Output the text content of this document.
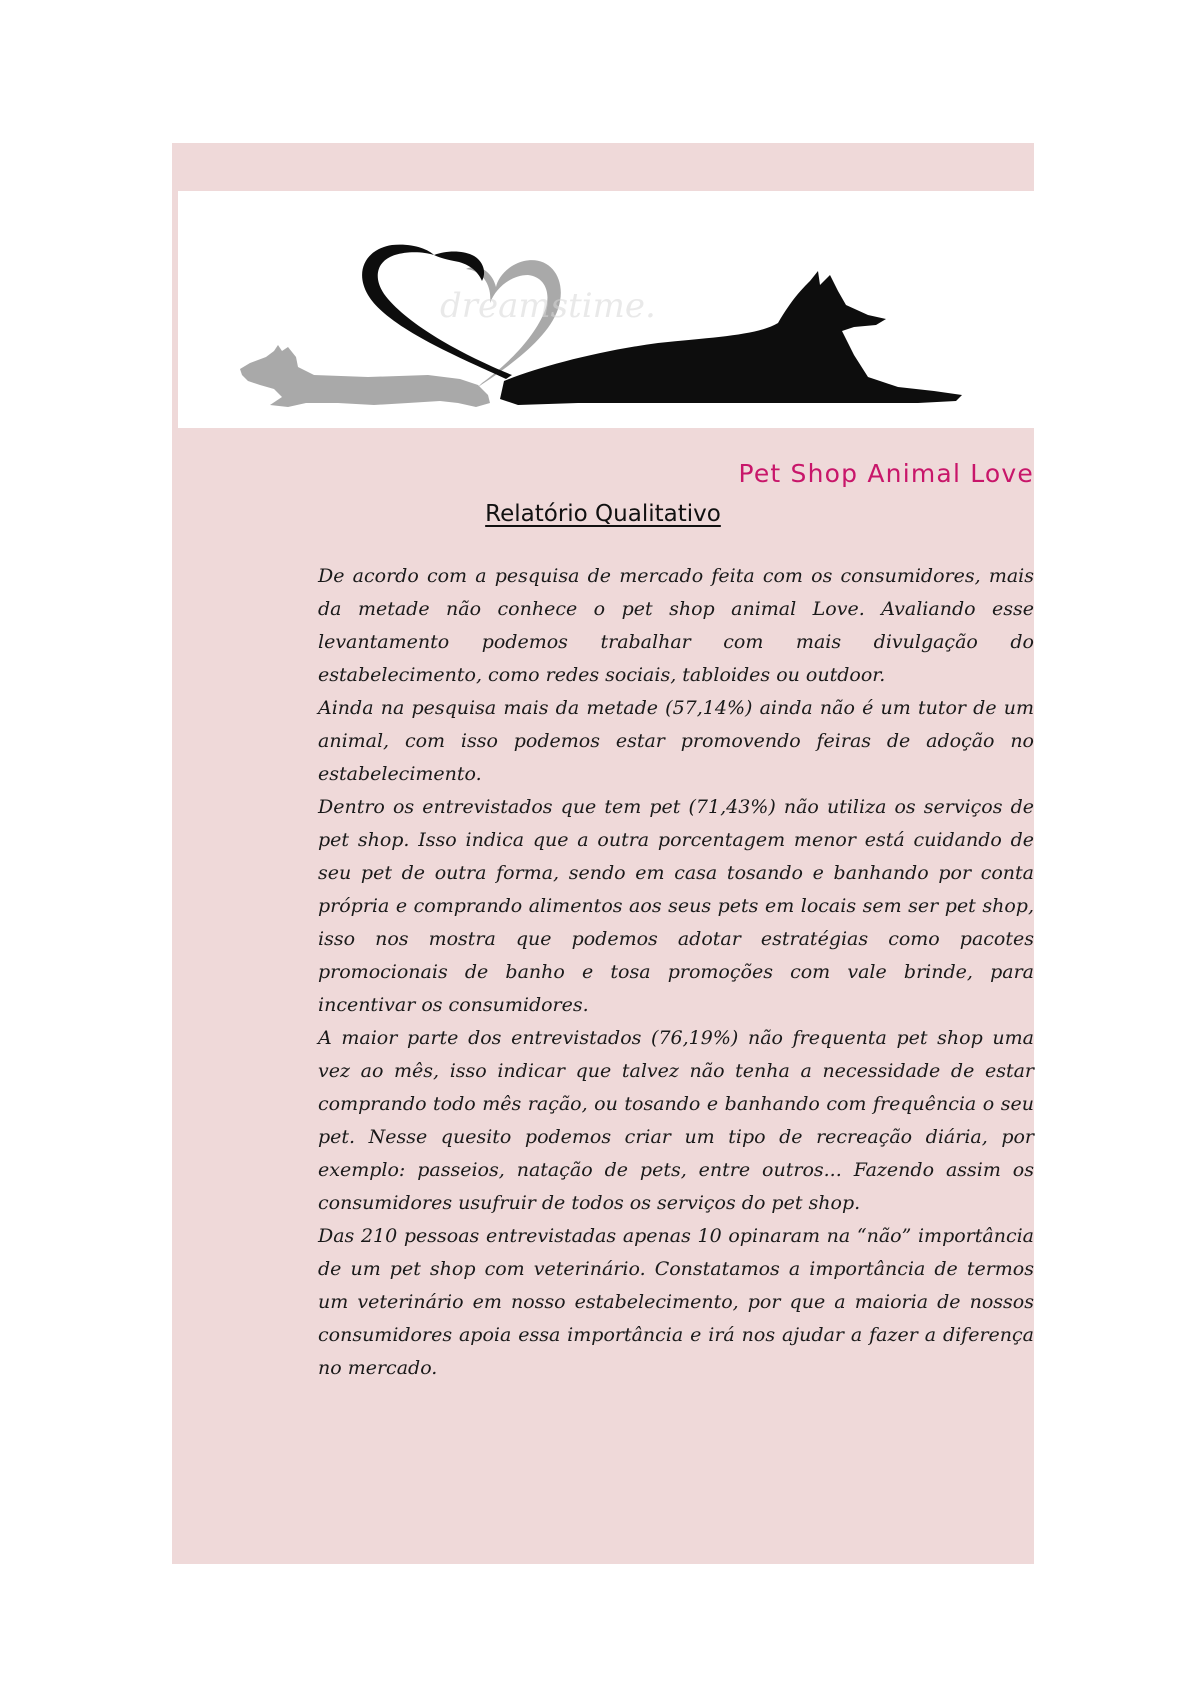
dreamstime.
Pet Shop Animal Love
Relatório Qualitativo

De acordo com a pesquisa de mercado feita com os consumidores, mais da metade não conhece o pet shop animal Love. Avaliando esse levantamento podemos trabalhar com mais divulgação do estabelecimento, como redes sociais, tabloides ou outdoor.

Ainda na pesquisa mais da metade (57,14%) ainda não é um tutor de um animal, com isso podemos estar promovendo feiras de adoção no estabelecimento.

Dentro os entrevistados que tem pet (71,43%) não utiliza os serviços de pet shop. Isso indica que a outra porcentagem menor está cuidando de seu pet de outra forma, sendo em casa tosando e banhando por conta própria e comprando alimentos aos seus pets em locais sem ser pet shop, isso nos mostra que podemos adotar estratégias como pacotes promocionais de banho e tosa promoções com vale brinde, para incentivar os consumidores.

A maior parte dos entrevistados (76,19%) não frequenta pet shop uma vez ao mês, isso indicar que talvez não tenha a necessidade de estar comprando todo mês ração, ou tosando e banhando com frequência o seu pet. Nesse quesito podemos criar um tipo de recreação diária, por exemplo: passeios, natação de pets, entre outros... Fazendo assim os consumidores usufruir de todos os serviços do pet shop.

Das 210 pessoas entrevistadas apenas 10 opinaram na “não” importância de um pet shop com veterinário. Constatamos a importância de termos um veterinário em nosso estabelecimento, por que a maioria de nossos consumidores apoia essa importância e irá nos ajudar a fazer a diferença no mercado.
